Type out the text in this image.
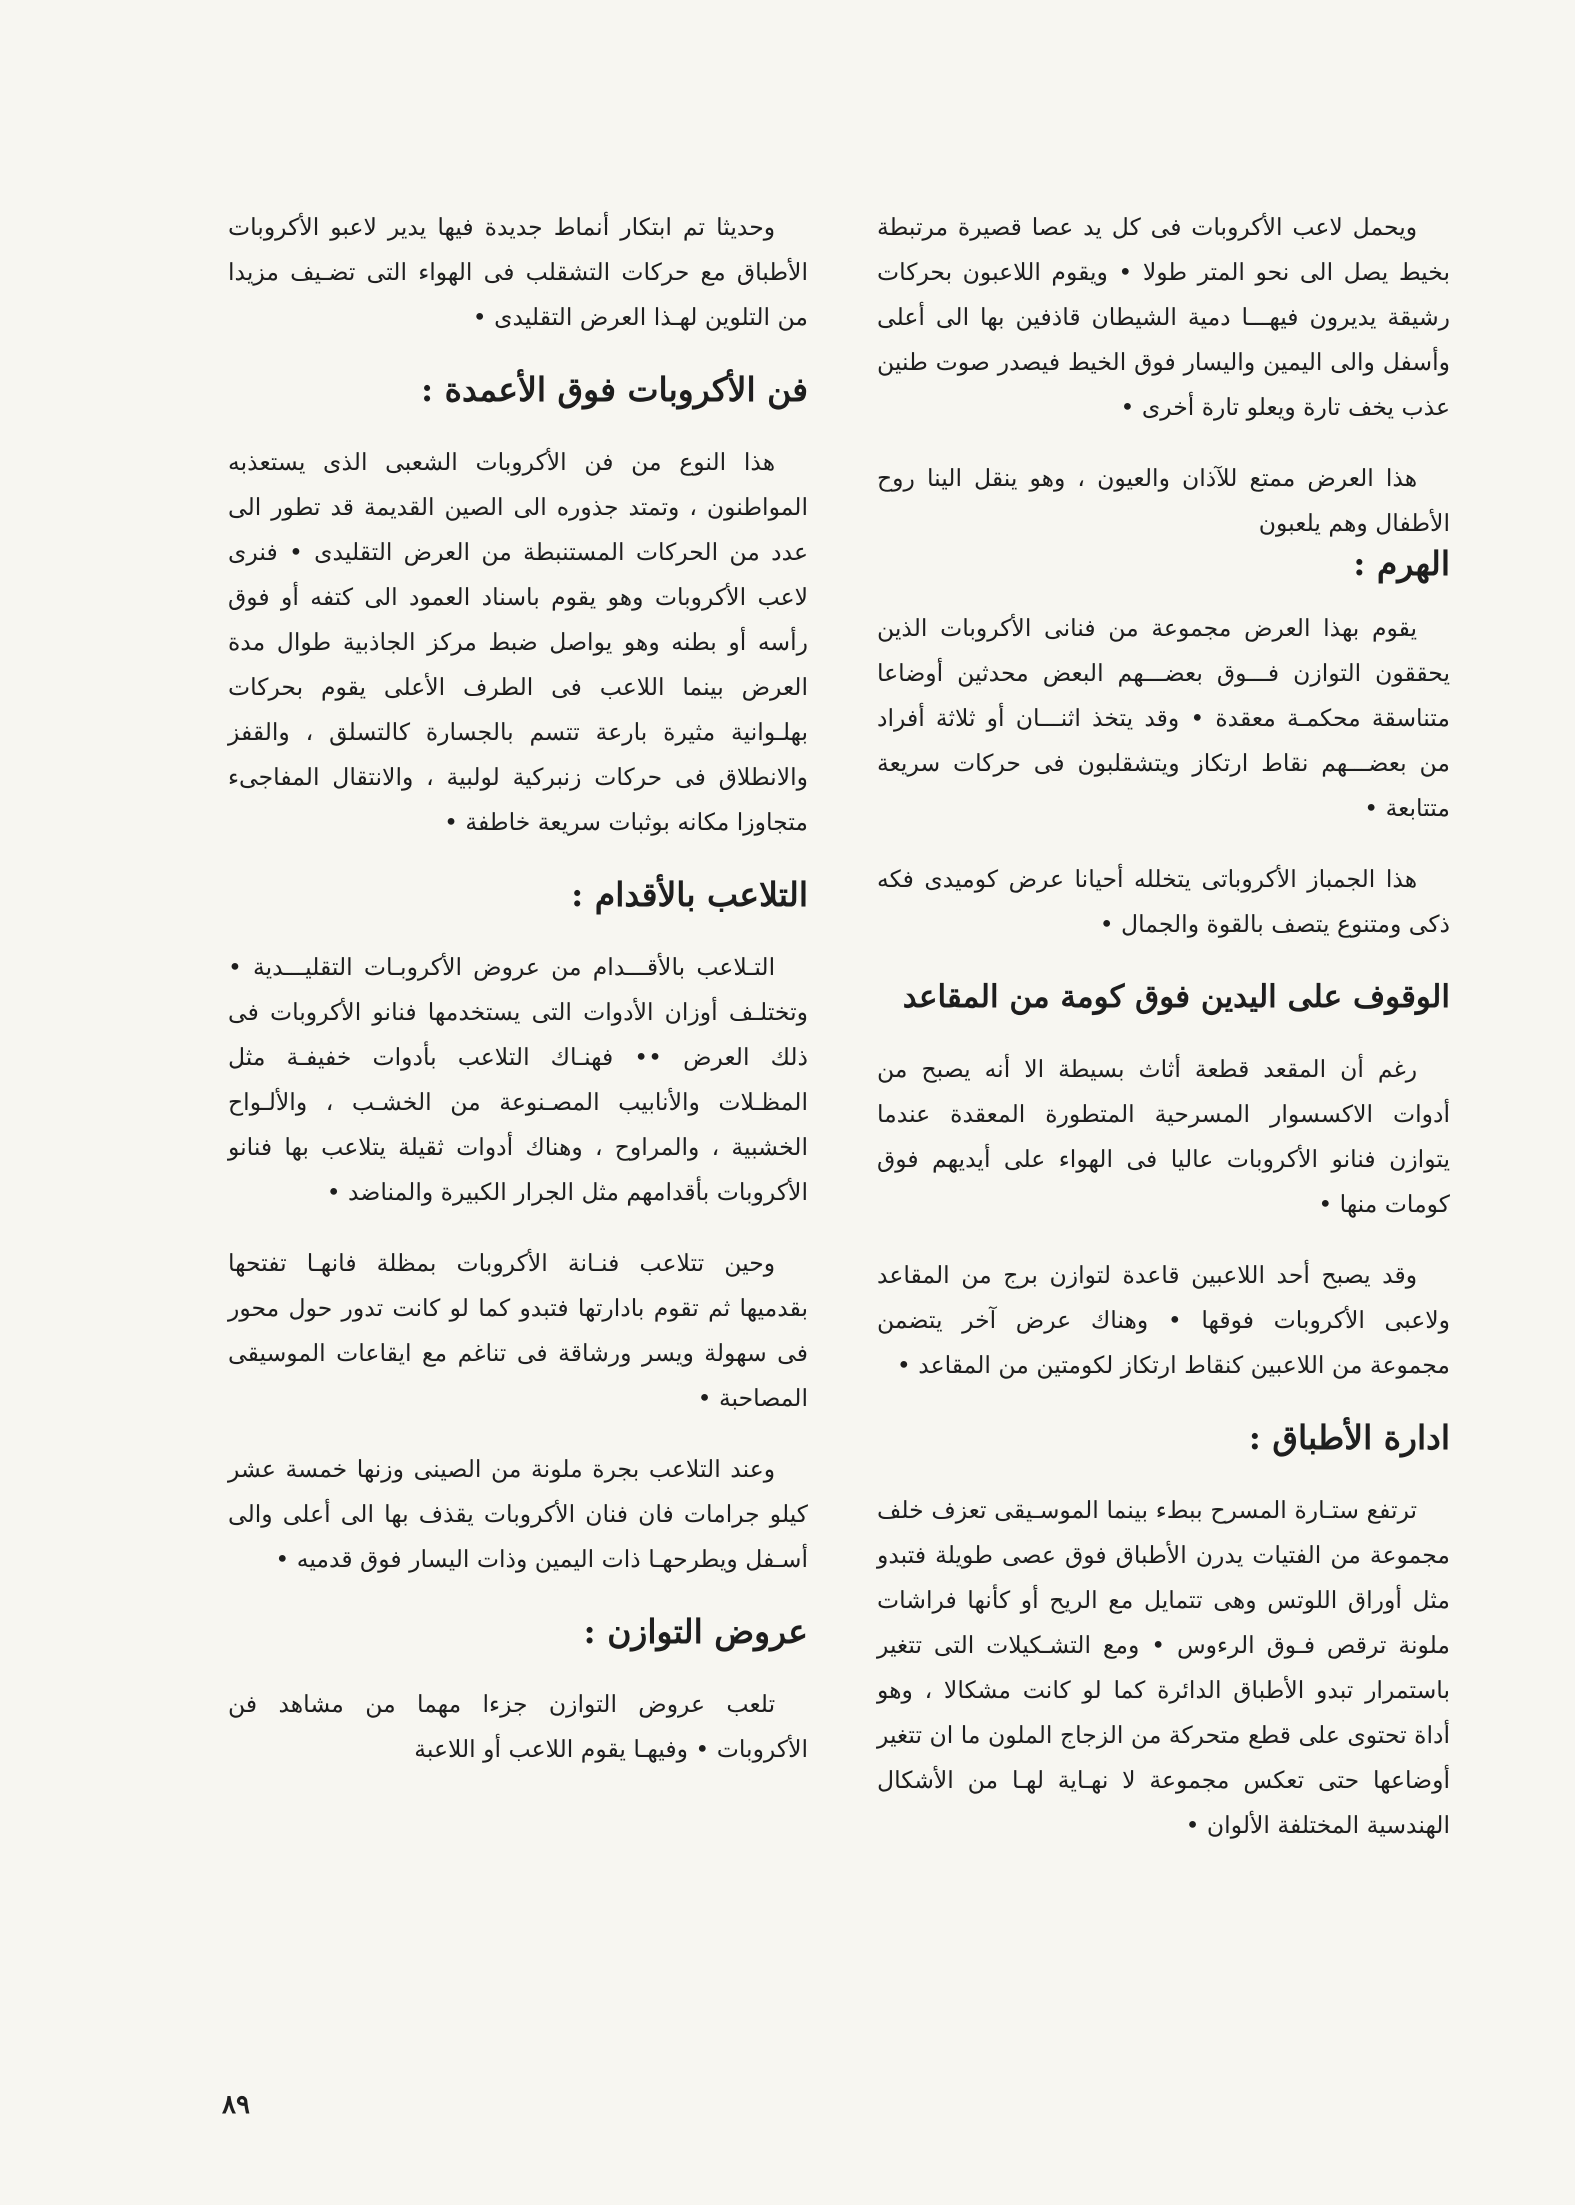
ويحمل لاعب الأكروبات فى كل يد عصا قصيرة مرتبطة بخيط يصل الى نحو المتر طولا • ويقوم اللاعبون بحركات رشيقة يديرون فيهـــا دمية الشيطان قاذفين بها الى أعلى وأسفل والى اليمين واليسار فوق الخيط فيصدر صوت طنين عذب يخف تارة ويعلو تارة أخرى •

هذا العرض ممتع للآذان والعيون ، وهو ينقل الينا روح الأطفال وهم يلعبون

الهرم :

يقوم بهذا العرض مجموعة من فنانى الأكروبات الذين يحققون التوازن فـــوق بعضـــهم البعض محدثين أوضاعا متناسقة محكمـة معقدة • وقد يتخذ اثنـــان أو ثلاثة أفراد من بعضـــهم نقاط ارتكاز ويتشقلبون فى حركات سريعة متتابعة •

هذا الجمباز الأكروباتى يتخلله أحيانا عرض كوميدى فكه ذكى ومتنوع يتصف بالقوة والجمال •

الوقوف على اليدين فوق كومة من المقاعد

رغم أن المقعد قطعة أثاث بسيطة الا أنه يصبح من أدوات الاكسسوار المسرحية المتطورة المعقدة عندما يتوازن فنانو الأكروبات عاليا فى الهواء على أيديهم فوق كومات منها •

وقد يصبح أحد اللاعبين قاعدة لتوازن برج من المقاعد ولاعبى الأكروبات فوقها • وهناك عرض آخر يتضمن مجموعة من اللاعبين كنقاط ارتكاز لكومتين من المقاعد •

ادارة الأطباق :

ترتفع ستـارة المسرح ببطء بينما الموسـيقى تعزف خلف مجموعة من الفتيات يدرن الأطباق فوق عصى طويلة فتبدو مثل أوراق اللوتس وهى تتمايل مع الريح أو كأنها فراشات ملونة ترقص فـوق الرءوس • ومع التشـكيلات التى تتغير باستمرار تبدو الأطباق الدائرة كما لو كانت مشكالا ، وهو أداة تحتوى على قطع متحركة من الزجاج الملون ما ان تتغير أوضاعها حتى تعكس مجموعة لا نهـاية لهـا من الأشكال الهندسية المختلفة الألوان •

وحديثا تم ابتكار أنماط جديدة فيها يدير لاعبو الأكروبات الأطباق مع حركات التشقلب فى الهواء التى تضـيف مزيدا من التلوين لهـذا العرض التقليدى •

فن الأكروبات فوق الأعمدة :

هذا النوع من فن الأكروبات الشعبى الذى يستعذبه المواطنون ، وتمتد جذوره الى الصين القديمة قد تطور الى عدد من الحركات المستنبطة من العرض التقليدى • فنرى لاعب الأكروبات وهو يقوم باسناد العمود الى كتفه أو فوق رأسه أو بطنه وهو يواصل ضبط مركز الجاذبية طوال مدة العرض بينما اللاعب فى الطرف الأعلى يقوم بحركات بهلـوانية مثيرة بارعة تتسم بالجسارة كالتسلق ، والقفز والانطلاق فى حركات زنبركية لولبية ، والانتقال المفاجىء متجاوزا مكانه بوثبات سريعة خاطفة •

التلاعب بالأقدام :

التـلاعب بالأقـــدام من عروض الأكروبـات التقليـــدية • وتختلـف أوزان الأدوات التى يستخدمها فنانو الأكروبات فى ذلك العرض •• فهنـاك التلاعب بأدوات خفيفـة مثل المظـلات والأنابيب المصـنوعة من الخشـب ، والألـواح الخشبية ، والمراوح ، وهناك أدوات ثقيلة يتلاعب بها فنانو الأكروبات بأقدامهم مثل الجرار الكبيرة والمناضد •

وحين تتلاعب فنـانة الأكروبات بمظلة فانهـا تفتحها بقدميها ثم تقوم بادارتها فتبدو كما لو كانت تدور حول محور فى سهولة ويسر ورشاقة فى تناغم مع ايقاعات الموسيقى المصاحبة •

وعند التلاعب بجرة ملونة من الصينى وزنها خمسة عشر كيلو جرامات فان فنان الأكروبات يقذف بها الى أعلى والى أسـفل ويطرحهـا ذات اليمين وذات اليسار فوق قدميه •

عروض التوازن :

تلعب عروض التوازن جزءا مهما من مشاهد فن الأكروبات • وفيهـا يقوم اللاعب أو اللاعبة

٨٩
